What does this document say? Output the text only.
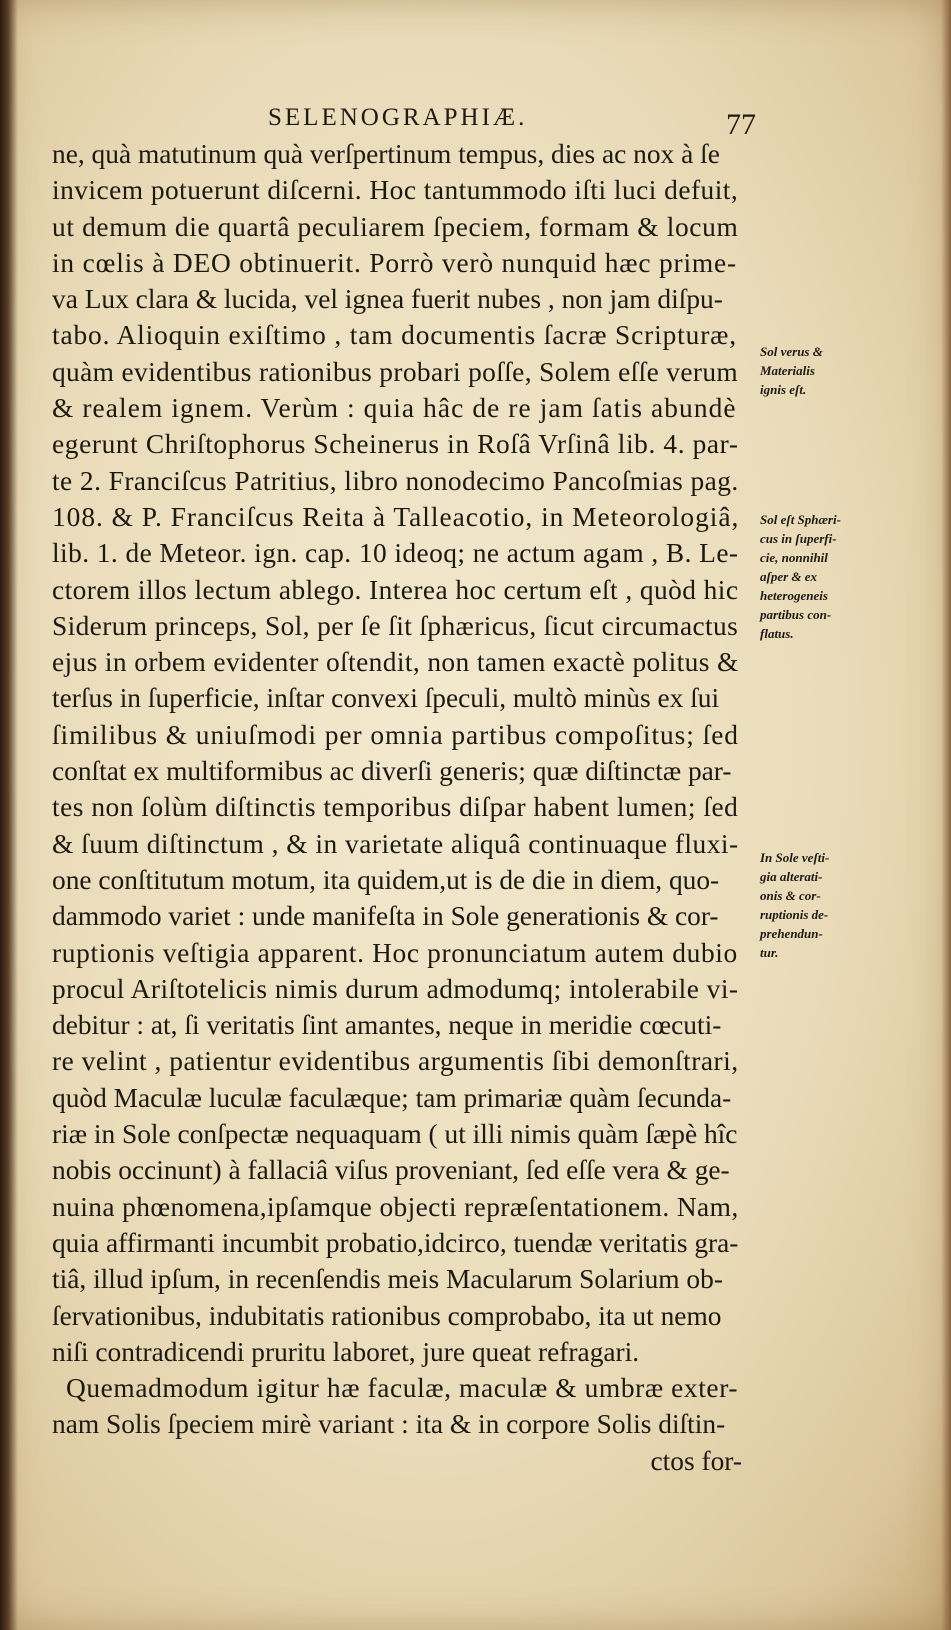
SELENOGRAPHIÆ.	77
ne, quà matutinum quà verſpertinum tempus, dies ac nox à ſe
invicem potuerunt diſcerni. Hoc tantummodo iſti luci defuit,
ut demum die quartâ peculiarem ſpeciem, formam & locum
in cœlis à DEO obtinuerit. Porrò verò nunquid hæc prime-
va Lux clara & lucida, vel ignea fuerit nubes , non jam diſpu-
tabo. Alioquin exiſtimo , tam documentis ſacræ Scripturæ,
quàm evidentibus rationibus probari poſſe, Solem eſſe verum
& realem ignem. Verùm : quia hâc de re jam ſatis abundè
egerunt Chriſtophorus Scheinerus in Roſâ Vrſinâ lib. 4. par-
te 2. Franciſcus Patritius, libro nonodecimo Pancoſmias pag.
108. & P. Franciſcus Reita à Talleacotio, in Meteorologiâ,
lib. 1. de Meteor. ign. cap. 10 ideoq; ne actum agam , B. Le-
ctorem illos lectum ablego. Interea hoc certum eſt , quòd hic
Siderum princeps, Sol, per ſe ſit ſphæricus, ſicut circumactus
ejus in orbem evidenter oſtendit, non tamen exactè politus &
terſus in ſuperficie, inſtar convexi ſpeculi, multò minùs ex ſui
ſimilibus & uniuſmodi per omnia partibus compoſitus; ſed
conſtat ex multiformibus ac diverſi generis; quæ diſtinctæ par-
tes non ſolùm diſtinctis temporibus diſpar habent lumen; ſed
& ſuum diſtinctum , & in varietate aliquâ continuaque fluxi-
one conſtitutum motum, ita quidem,ut is de die in diem, quo-
dammodo variet : unde manifeſta in Sole generationis & cor-
ruptionis veſtigia apparent. Hoc pronunciatum autem dubio
procul Ariſtotelicis nimis durum admodumq; intolerabile vi-
debitur : at, ſi veritatis ſint amantes, neque in meridie cœcuti-
re velint , patientur evidentibus argumentis ſibi demonſtrari,
quòd Maculæ luculæ faculæque; tam primariæ quàm ſecunda-
riæ in Sole conſpectæ nequaquam ( ut illi nimis quàm ſæpè hîc
nobis occinunt) à fallaciâ viſus proveniant, ſed eſſe vera & ge-
nuina phœnomena,ipſamque objecti repræſentationem. Nam,
quia affirmanti incumbit probatio,idcirco, tuendæ veritatis gra-
tiâ, illud ipſum, in recenſendis meis Macularum Solarium ob-
ſervationibus, indubitatis rationibus comprobabo, ita ut nemo
niſi contradicendi pruritu laboret, jure queat refragari.
Quemadmodum igitur hæ faculæ, maculæ & umbræ exter-
nam Solis ſpeciem mirè variant : ita & in corpore Solis diſtin-
ctos for-
Sol verus &
Materialis
ignis eſt.
Sol eſt Sphæri-
cus in ſuperfi-
cie, nonnihil
aſper & ex
heterogeneis
partibus con-
flatus.
In Sole veſti-
gia alterati-
onis & cor-
ruptionis de-
prehendun-
tur.
